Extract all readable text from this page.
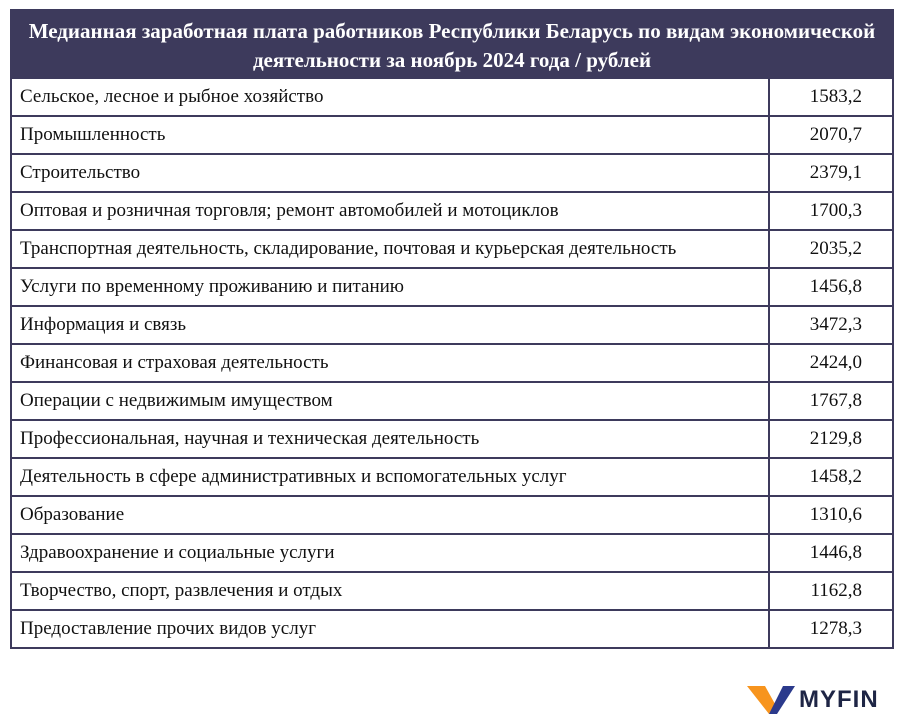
Медианная заработная плата работников Республики Беларусь по видам экономической деятельности за ноябрь 2024 года / рублей
Сельское, лесное и рыбное хозяйство	1583,2
Промышленность	2070,7
Строительство	2379,1
Оптовая и розничная торговля; ремонт автомобилей и мотоциклов	1700,3
Транспортная деятельность, складирование, почтовая и курьерская деятельность	2035,2
Услуги по временному проживанию и питанию	1456,8
Информация и связь	3472,3
Финансовая и страховая деятельность	2424,0
Операции с недвижимым имуществом	1767,8
Профессиональная, научная и техническая деятельность	2129,8
Деятельность в сфере административных и вспомогательных услуг	1458,2
Образование	1310,6
Здравоохранение и социальные услуги	1446,8
Творчество, спорт, развлечения и отдых	1162,8
Предоставление прочих видов услуг	1278,3
MYFIN
